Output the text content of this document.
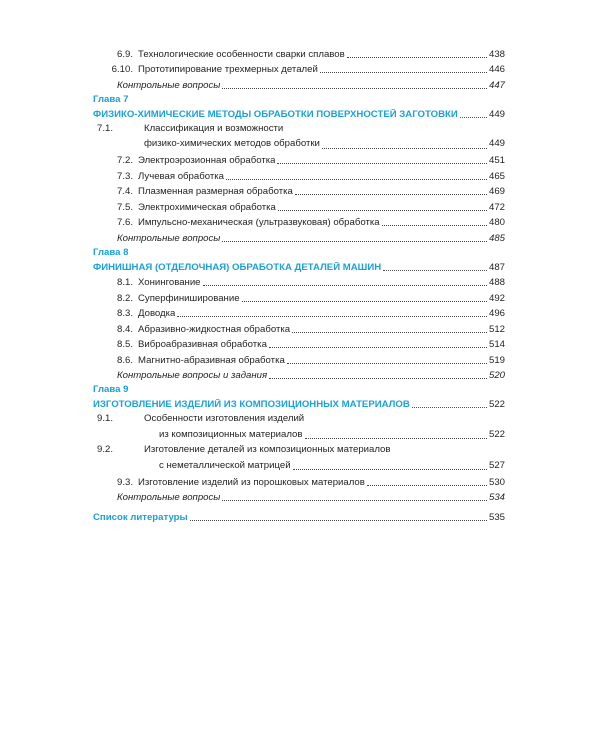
6.9. Технологические особенности сварки сплавов	438
6.10. Прототипирование трехмерных деталей	446
Контрольные вопросы	447
Глава 7
ФИЗИКО-ХИМИЧЕСКИЕ МЕТОДЫ ОБРАБОТКИ ПОВЕРХНОСТЕЙ ЗАГОТОВКИ	449
7.1.	Классификация и возможности
физико-химических методов обработки	449
7.2. Электроэрозионная обработка	451
7.3. Лучевая обработка	465
7.4. Плазменная размерная обработка	469
7.5. Электрохимическая обработка	472
7.6. Импульсно-механическая (ультразвуковая) обработка	480
Контрольные вопросы	485
Глава 8
ФИНИШНАЯ (ОТДЕЛОЧНАЯ) ОБРАБОТКА ДЕТАЛЕЙ МАШИН	487
8.1. Хонингование	488
8.2. Суперфиниширование	492
8.3. Доводка	496
8.4. Абразивно-жидкостная обработка	512
8.5. Виброабразивная обработка	514
8.6. Магнитно-абразивная обработка	519
Контрольные вопросы и задания	520
Глава 9
ИЗГОТОВЛЕНИЕ ИЗДЕЛИЙ ИЗ КОМПОЗИЦИОННЫХ МАТЕРИАЛОВ	522
9.1.	Особенности изготовления изделий
из композиционных материалов	522
9.2.	Изготовление деталей из композиционных материалов
с неметаллической матрицей	527
9.3. Изготовление изделий из порошковых материалов	530
Контрольные вопросы	534
Список литературы	535
